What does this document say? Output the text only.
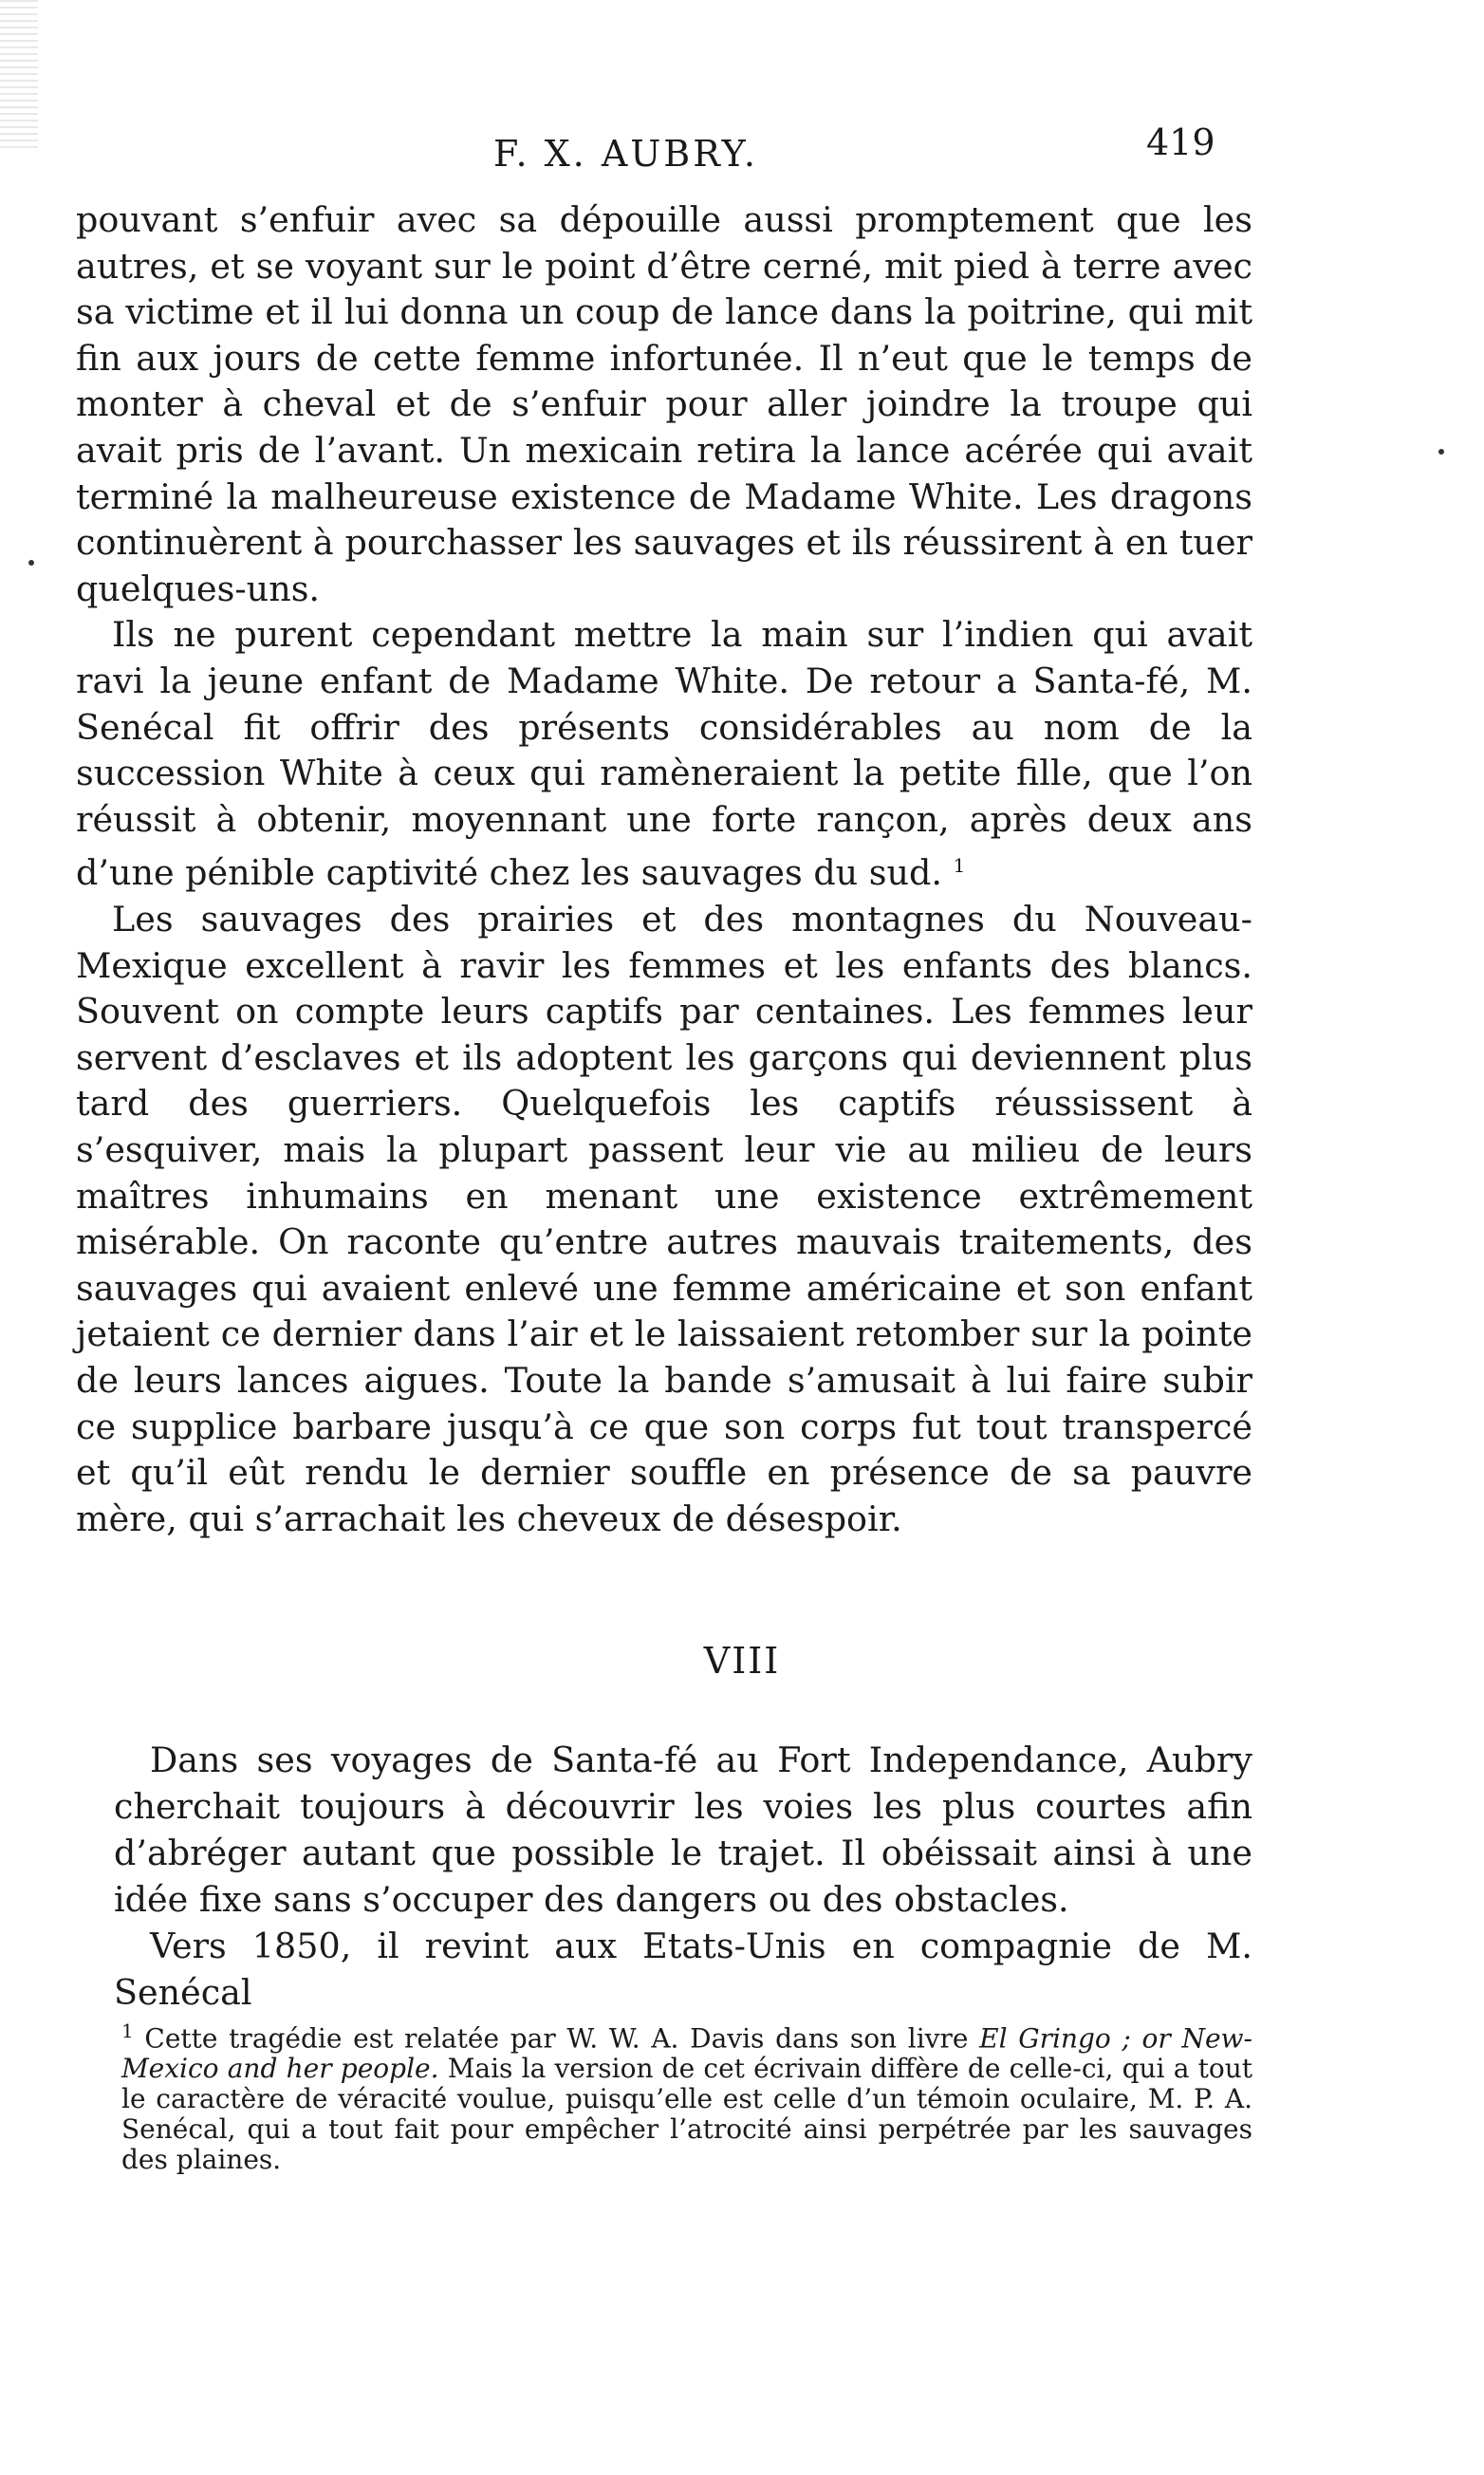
F. X. AUBRY.	419

pouvant s’enfuir avec sa dépouille aussi promptement que les autres, et se voyant sur le point d’être cerné, mit pied à terre avec sa victime et il lui donna un coup de lance dans la poitrine, qui mit fin aux jours de cette femme infortunée. Il n’eut que le temps de monter à cheval et de s’enfuir pour aller joindre la troupe qui avait pris de l’avant. Un mexicain retira la lance acérée qui avait terminé la malheureuse existence de Madame White. Les dragons continuèrent à pourchasser les sauvages et ils réussirent à en tuer quelques-uns.

Ils ne purent cependant mettre la main sur l’indien qui avait ravi la jeune enfant de Madame White. De retour a Santa-fé, M. Senécal fit offrir des présents considérables au nom de la succession White à ceux qui ramèneraient la petite fille, que l’on réussit à obtenir, moyennant une forte rançon, après deux ans d’une pénible captivité chez les sauvages du sud. $^1$

Les sauvages des prairies et des montagnes du Nouveau-Mexique excellent à ravir les femmes et les enfants des blancs. Souvent on compte leurs captifs par centaines. Les femmes leur servent d’esclaves et ils adoptent les garçons qui deviennent plus tard des guerriers. Quelquefois les captifs réussissent à s’esquiver, mais la plupart passent leur vie au milieu de leurs maîtres inhumains en menant une existence extrêmement misérable. On raconte qu’entre autres mauvais traitements, des sauvages qui avaient enlevé une femme américaine et son enfant jetaient ce dernier dans l’air et le laissaient retomber sur la pointe de leurs lances aigues. Toute la bande s’amusait à lui faire subir ce supplice barbare jusqu’à ce que son corps fut tout transpercé et qu’il eût rendu le dernier souffle en présence de sa pauvre mère, qui s’arrachait les cheveux de désespoir.

VIII

Dans ses voyages de Santa-fé au Fort Independance, Aubry cherchait toujours à découvrir les voies les plus courtes afin d’abréger autant que possible le trajet. Il obéissait ainsi à une idée fixe sans s’occuper des dangers ou des obstacles.

Vers 1850, il revint aux Etats-Unis en compagnie de M. Senécal

$^1$ Cette tragédie est relatée par W. W. A. Davis dans son livre El Gringo ; or New-Mexico and her people. Mais la version de cet écrivain diffère de celle-ci, qui a tout le caractère de véracité voulue, puisqu’elle est celle d’un témoin oculaire, M. P. A. Senécal, qui a tout fait pour empêcher l’atrocité ainsi perpétrée par les sauvages des plaines.
